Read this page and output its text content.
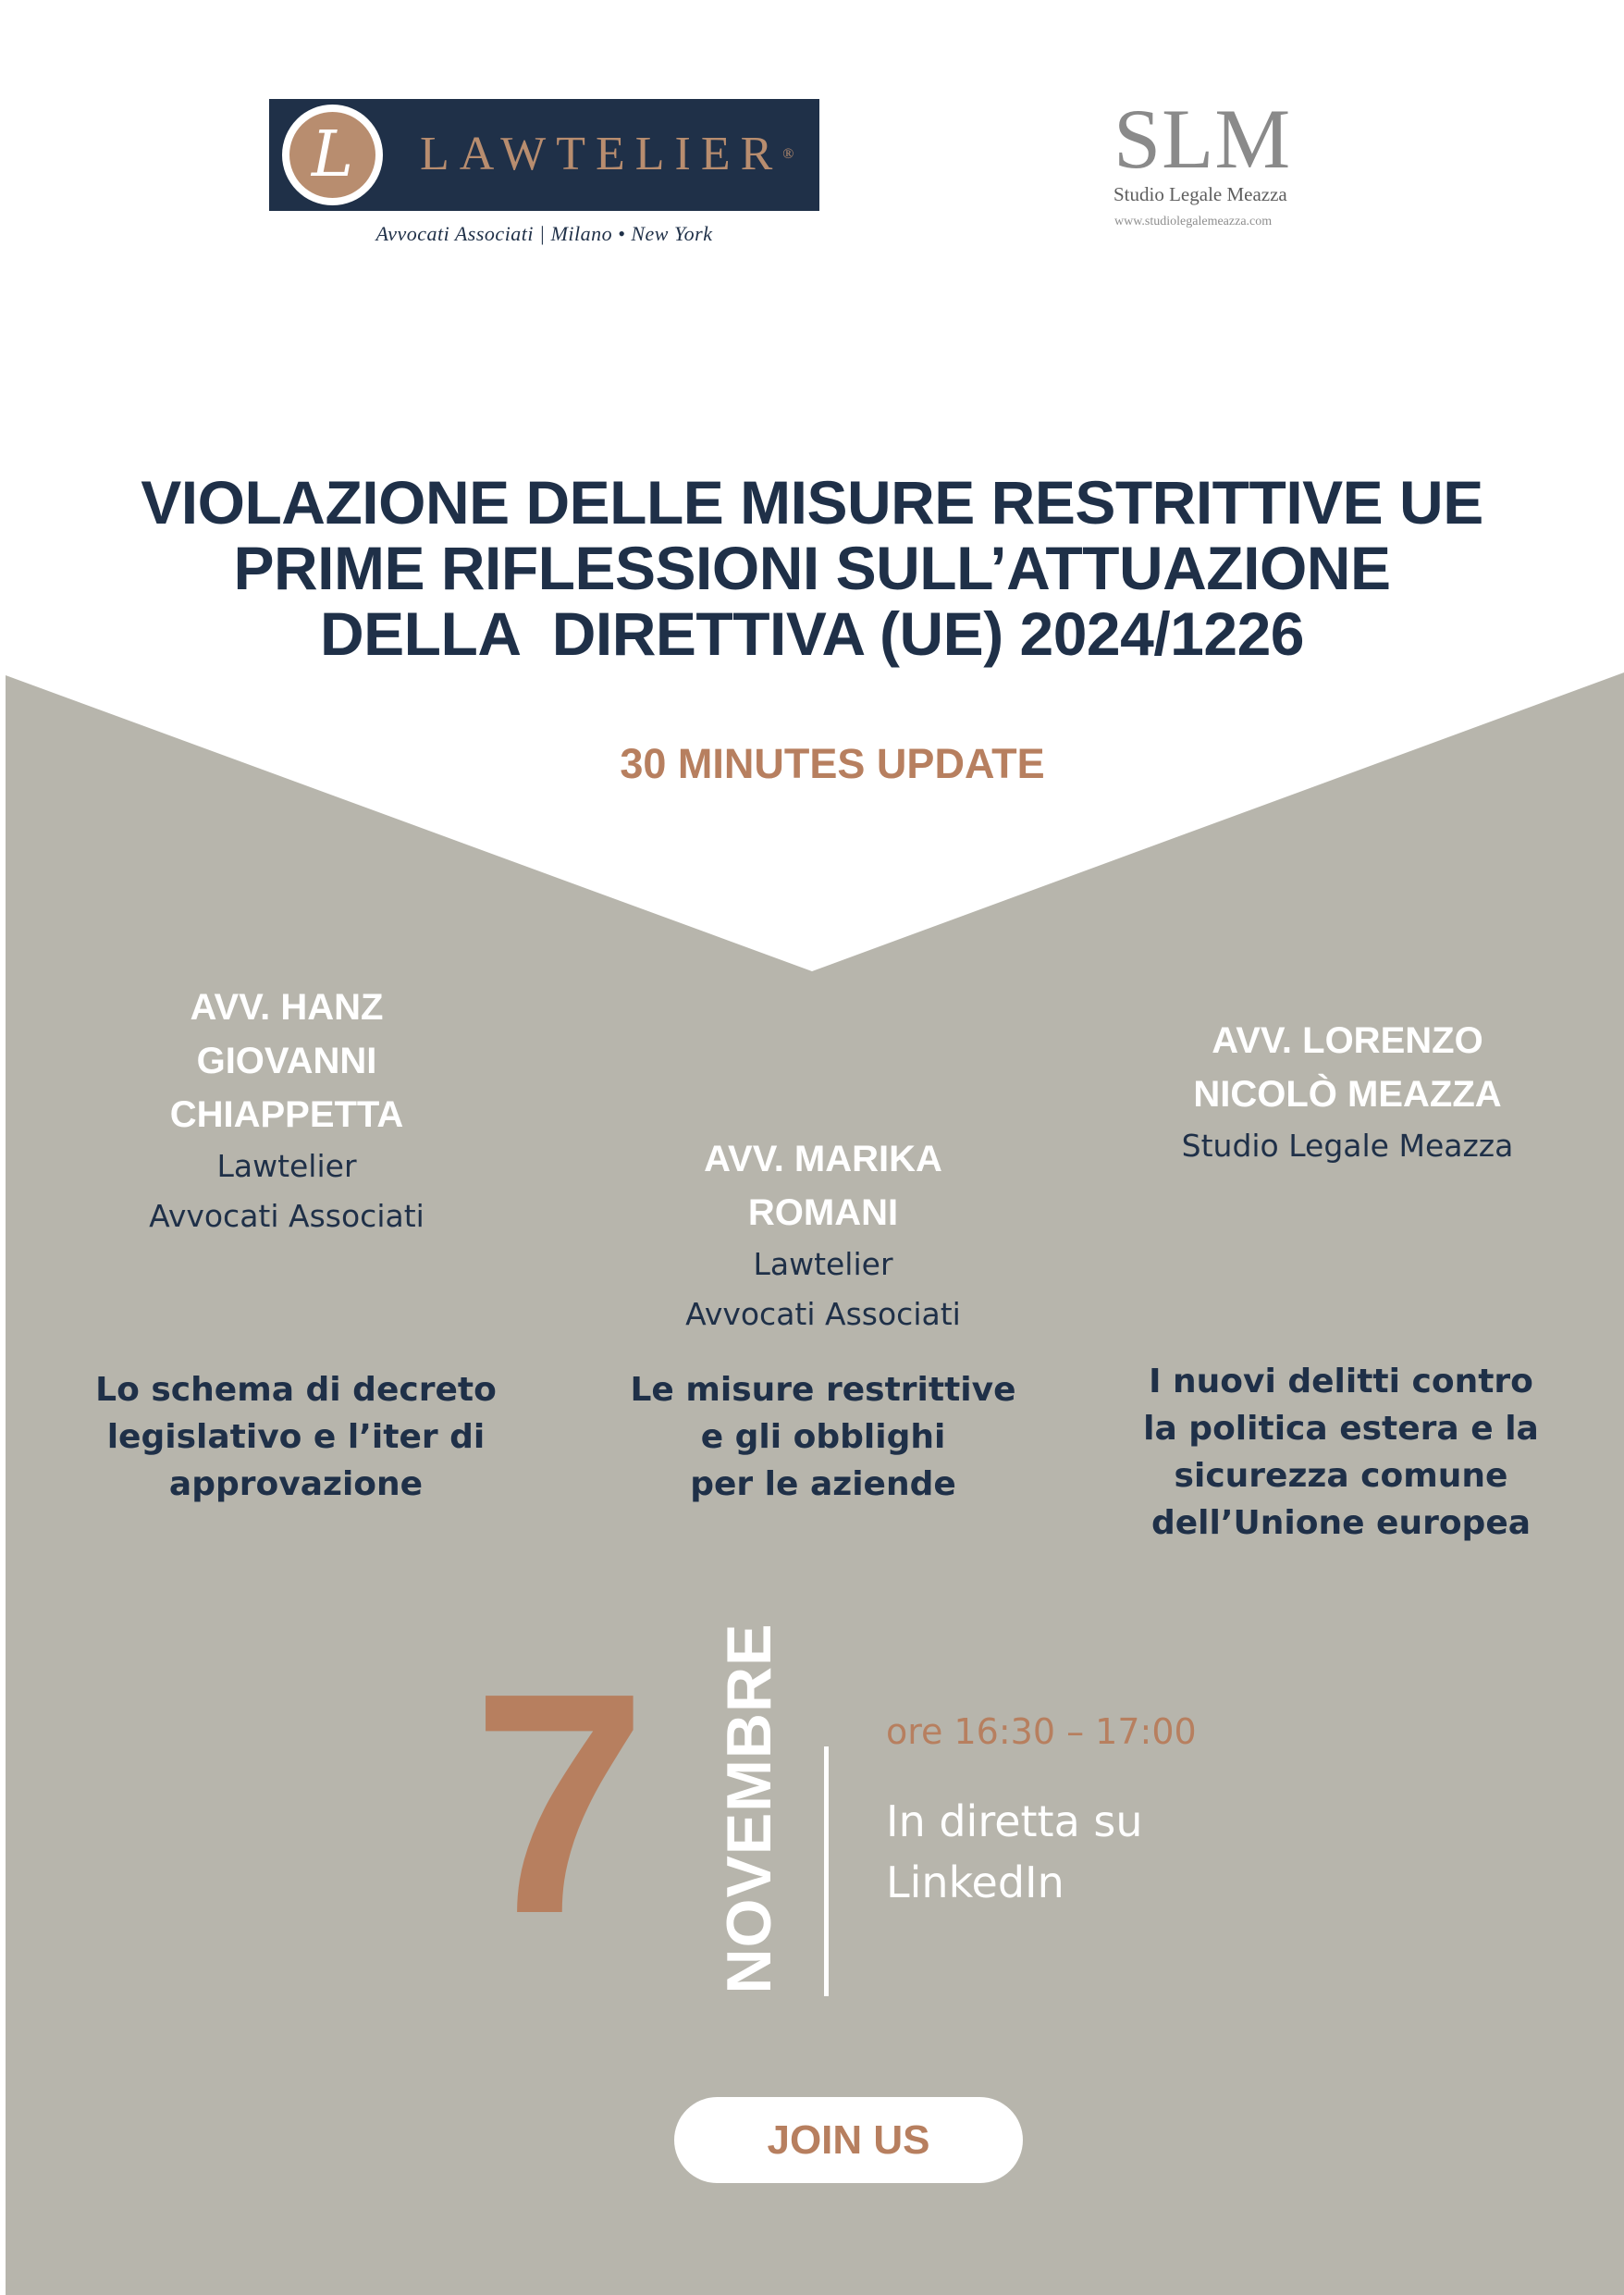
L	LAWTELIER®
Avvocati Associati | Milano • New York
SLM
Studio Legale Meazza
www.studiolegalemeazza.com
VIOLAZIONE DELLE MISURE RESTRITTIVE UE
PRIME RIFLESSIONI SULL’ATTUAZIONE
DELLA  DIRETTIVA (UE) 2024/1226
30 MINUTES UPDATE
AVV. HANZ
GIOVANNI
CHIAPPETTA
Lawtelier
Avvocati Associati
AVV. MARIKA
ROMANI
Lawtelier
Avvocati Associati
AVV. LORENZO
NICOLÒ MEAZZA
Studio Legale Meazza
Lo schema di decreto
legislativo e l’iter di
approvazione
Le misure restrittive
e gli obblighi
per le aziende
I nuovi delitti contro
la politica estera e la
sicurezza comune
dell’Unione europea
7 NOVEMBRE	ore 16:30 – 17:00
In diretta su
LinkedIn
JOIN US
